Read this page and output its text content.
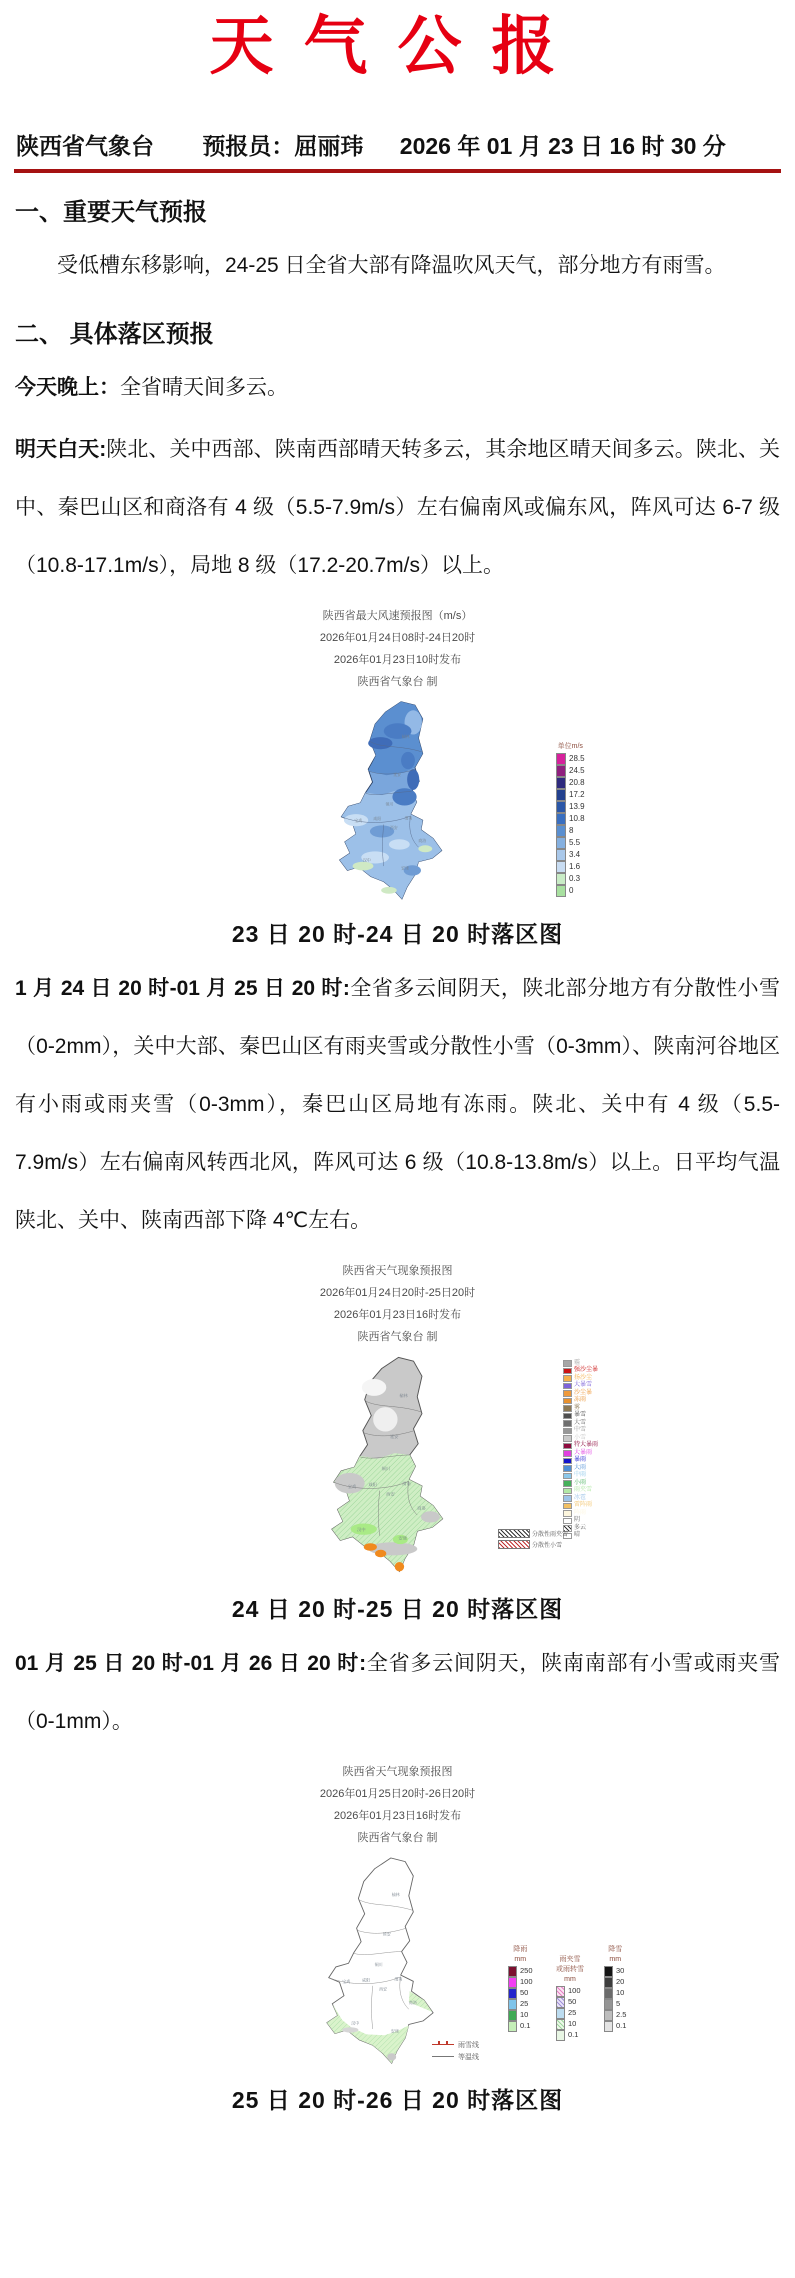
天气公报
陕西省气象台 预报员：屈丽玮 2026 年 01 月 23 日 16 时 30 分
一、重要天气预报

受低槽东移影响，24-25 日全省大部有降温吹风天气，部分地方有雨雪。

二、 具体落区预报

今天晚上：全省晴天间多云。

明天白天:陕北、关中西部、陕南西部晴天转多云，其余地区晴天间多云。陕北、关中、秦巴山区和商洛有 4 级（5.5-7.9m/s）左右偏南风或偏东风，阵风可达 6-7 级（10.8-17.1m/s），局地 8 级（17.2-20.7m/s）以上。

陕西省最大风速预报图（m/s）
2026年01月24日08时-24日20时
2026年01月23日10时发布
陕西省气象台 制
榆林
延安
铜川
咸阳	渭南
西安
宝鸡
汉中
安康
商洛
单位m/s
28.5
24.5
20.8
17.2
13.9
10.8
8
5.5
3.4
1.6
0.3
0

23 日 20 时-24 日 20 时落区图

1 月 24 日 20 时-01 月 25 日 20 时:全省多云间阴天，陕北部分地方有分散性小雪（0-2mm），关中大部、秦巴山区有雨夹雪或分散性小雪（0-3mm）、陕南河谷地区有小雨或雨夹雪（0-3mm），秦巴山区局地有冻雨。陕北、关中有 4 级（5.5-7.9m/s）左右偏南风转西北风，阵风可达 6 级（10.8-13.8m/s）以上。日平均气温陕北、关中、陕南西部下降 4℃左右。

陕西省天气现象预报图
2026年01月24日20时-25日20时
2026年01月23日16时发布
陕西省气象台 制
榆林
延安
铜川
咸阳	渭南
西安
宝鸡
汉中
安康
商洛
霾
强沙尘暴
扬沙尘
大暴雪
沙尘暴
冻雨
雾
暴雪
大雪
中雪
小雪
特大暴雨
大暴雨
暴雨
大雨
中雨
小雨
雨夹雪
冰雹
雷阵雨
阵雨
阴
多云
晴
分散性雨夹雪
分散性小雪

24 日 20 时-25 日 20 时落区图

01 月 25 日 20 时-01 月 26 日 20 时:全省多云间阴天，陕南南部有小雪或雨夹雪（0-1mm）。

陕西省天气现象预报图
2026年01月25日20时-26日20时
2026年01月23日16时发布
陕西省气象台 制
榆林
延安
铜川
咸阳	渭南
西安
宝鸡
汉中
安康
商洛
降雨
mm
250
100
50
25
10
0.1
雨夹雪
或雨转雪
mm
100
50
25
10
0.1
降雪
mm
30
20
10
5
2.5
0.1
雨雪线
等温线

25 日 20 时-26 日 20 时落区图
